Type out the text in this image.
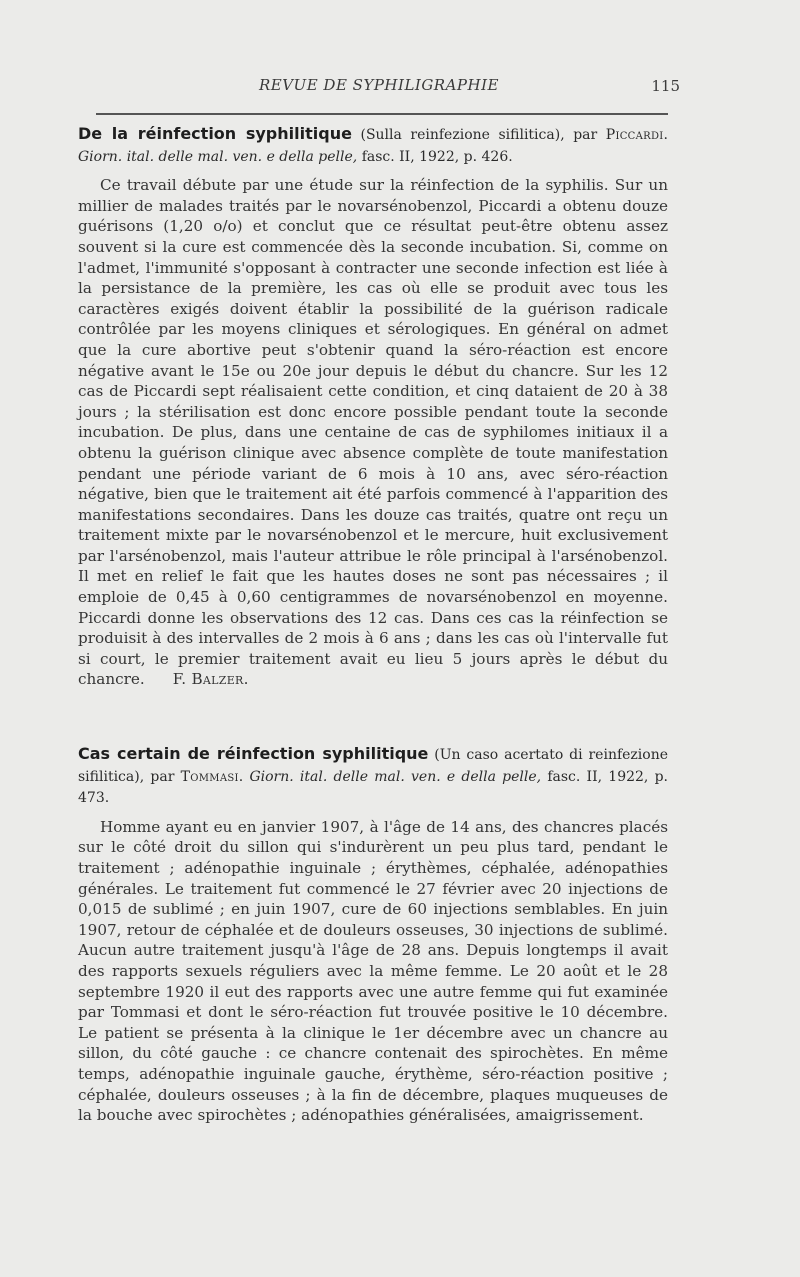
REVUE DE SYPHILIGRAPHIE	115

De la réinfection syphilitique (Sulla reinfezione sifilitica), par Piccardi. Giorn. ital. delle mal. ven. e della pelle, fasc. II, 1922, p. 426.

Ce travail débute par une étude sur la réinfection de la syphilis. Sur un millier de malades traités par le novarsénobenzol, Piccardi a obtenu douze guérisons (1,20 o/o) et conclut que ce résultat peut-être obtenu assez souvent si la cure est commencée dès la seconde incubation. Si, comme on l'admet, l'immunité s'opposant à contracter une seconde infection est liée à la persistance de la première, les cas où elle se produit avec tous les caractères exigés doivent établir la possibilité de la guérison radicale contrôlée par les moyens cliniques et sérologiques. En général on admet que la cure abortive peut s'obtenir quand la séro-réaction est encore négative avant le 15e ou 20e jour depuis le début du chancre. Sur les 12 cas de Piccardi sept réalisaient cette condition, et cinq dataient de 20 à 38 jours ; la stérilisation est donc encore possible pendant toute la seconde incubation. De plus, dans une centaine de cas de syphilomes initiaux il a obtenu la guérison clinique avec absence complète de toute manifestation pendant une période variant de 6 mois à 10 ans, avec séro-réaction négative, bien que le traitement ait été parfois commencé à l'apparition des manifestations secondaires. Dans les douze cas traités, quatre ont reçu un traitement mixte par le novarsénobenzol et le mercure, huit exclusivement par l'arsénobenzol, mais l'auteur attribue le rôle principal à l'arsénobenzol. Il met en relief le fait que les hautes doses ne sont pas nécessaires ; il emploie de 0,45 à 0,60 centigrammes de novarsénobenzol en moyenne. Piccardi donne les observations des 12 cas. Dans ces cas la réinfection se produisit à des intervalles de 2 mois à 6 ans ; dans les cas où l'intervalle fut si court, le premier traitement avait eu lieu 5 jours après le début du chancre. F. Balzer.

Cas certain de réinfection syphilitique (Un caso acertato di reinfezione sifilitica), par Tommasi. Giorn. ital. delle mal. ven. e della pelle, fasc. II, 1922, p. 473.

Homme ayant eu en janvier 1907, à l'âge de 14 ans, des chancres placés sur le côté droit du sillon qui s'indurèrent un peu plus tard, pendant le traitement ; adénopathie inguinale ; érythèmes, céphalée, adénopathies générales. Le traitement fut commencé le 27 février avec 20 injections de 0,015 de sublimé ; en juin 1907, cure de 60 injections semblables. En juin 1907, retour de céphalée et de douleurs osseuses, 30 injections de sublimé. Aucun autre traitement jusqu'à l'âge de 28 ans. Depuis longtemps il avait des rapports sexuels réguliers avec la même femme. Le 20 août et le 28 septembre 1920 il eut des rapports avec une autre femme qui fut examinée par Tommasi et dont le séro-réaction fut trouvée positive le 10 décembre. Le patient se présenta à la clinique le 1er décembre avec un chancre au sillon, du côté gauche : ce chancre contenait des spirochètes. En même temps, adénopathie inguinale gauche, érythème, séro-réaction positive ; céphalée, douleurs osseuses ; à la fin de décembre, plaques muqueuses de la bouche avec spirochètes ; adénopathies généralisées, amaigrissement.
